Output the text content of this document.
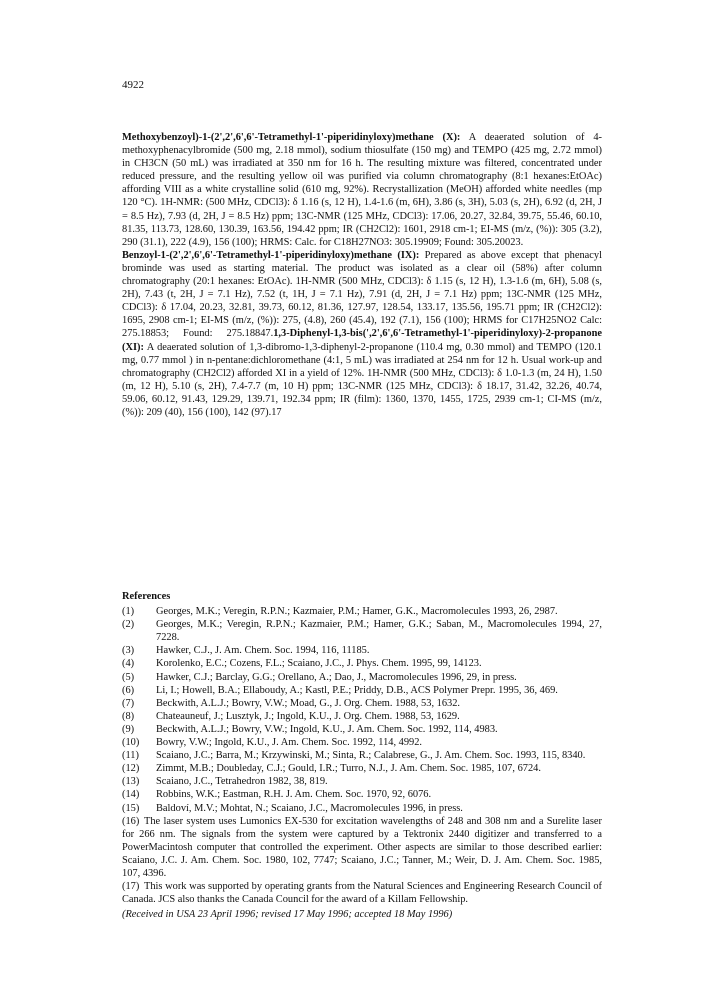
4922

Methoxybenzoyl)-1-(2',2',6',6'-Tetramethyl-1'-piperidinyloxy)methane (X): A deaerated solution of 4-methoxyphenacylbromide (500 mg, 2.18 mmol), sodium thiosulfate (150 mg) and TEMPO (425 mg, 2.72 mmol) in CH3CN (50 mL) was irradiated at 350 nm for 16 h. The resulting mixture was filtered, concentrated under reduced pressure, and the resulting yellow oil was purified via column chromatography (8:1 hexanes:EtOAc) affording VIII as a white crystalline solid (610 mg, 92%). Recrystallization (MeOH) afforded white needles (mp 120 °C). 1H-NMR: (500 MHz, CDCl3): δ 1.16 (s, 12 H), 1.4-1.6 (m, 6H), 3.86 (s, 3H), 5.03 (s, 2H), 6.92 (d, 2H, J = 8.5 Hz), 7.93 (d, 2H, J = 8.5 Hz) ppm; 13C-NMR (125 MHz, CDCl3): 17.06, 20.27, 32.84, 39.75, 55.46, 60.10, 81.35, 113.73, 128.60, 130.39, 163.56, 194.42 ppm; IR (CH2Cl2): 1601, 2918 cm-1; EI-MS (m/z, (%)): 305 (3.2), 290 (31.1), 222 (4.9), 156 (100); HRMS: Calc. for C18H27NO3: 305.19909; Found: 305.20023.

Benzoyl-1-(2',2',6',6'-Tetramethyl-1'-piperidinyloxy)methane (IX): Prepared as above except that phenacyl brominde was used as starting material. The product was isolated as a clear oil (58%) after column chromatography (20:1 hexanes: EtOAc). 1H-NMR (500 MHz, CDCl3): δ 1.15 (s, 12 H), 1.3-1.6 (m, 6H), 5.08 (s, 2H), 7.43 (t, 2H, J = 7.1 Hz), 7.52 (t, 1H, J = 7.1 Hz), 7.91 (d, 2H, J = 7.1 Hz) ppm; 13C-NMR (125 MHz, CDCl3): δ 17.04, 20.23, 32.81, 39.73, 60.12, 81.36, 127.97, 128.54, 133.17, 135.56, 195.71 ppm; IR (CH2Cl2): 1695, 2908 cm-1; EI-MS (m/z, (%)): 275, (4.8), 260 (45.4), 192 (7.1), 156 (100); HRMS for C17H25NO2 Calc: 275.18853; Found: 275.18847.1,3-Diphenyl-1,3-bis(',2',6',6'-Tetramethyl-1'-piperidinyloxy)-2-propanone (XI): A deaerated solution of 1,3-dibromo-1,3-diphenyl-2-propanone (110.4 mg, 0.30 mmol) and TEMPO (120.1 mg, 0.77 mmol ) in n-pentane:dichloromethane (4:1, 5 mL) was irradiated at 254 nm for 12 h. Usual work-up and chromatography (CH2Cl2) afforded XI in a yield of 12%. 1H-NMR (500 MHz, CDCl3): δ 1.0-1.3 (m, 24 H), 1.50 (m, 12 H), 5.10 (s, 2H), 7.4-7.7 (m, 10 H) ppm; 13C-NMR (125 MHz, CDCl3): δ 18.17, 31.42, 32.26, 40.74, 59.06, 60.12, 91.43, 129.29, 139.71, 192.34 ppm; IR (film): 1360, 1370, 1455, 1725, 2939 cm-1; CI-MS (m/z, (%)): 209 (40), 156 (100), 142 (97).17

References
(1)	Georges, M.K.; Veregin, R.P.N.; Kazmaier, P.M.; Hamer, G.K., Macromolecules 1993, 26, 2987.
(2)	Georges, M.K.; Veregin, R.P.N.; Kazmaier, P.M.; Hamer, G.K.; Saban, M., Macromolecules 1994, 27, 7228.
(3)	Hawker, C.J., J. Am. Chem. Soc. 1994, 116, 11185.
(4)	Korolenko, E.C.; Cozens, F.L.; Scaiano, J.C., J. Phys. Chem. 1995, 99, 14123.
(5)	Hawker, C.J.; Barclay, G.G.; Orellano, A.; Dao, J., Macromolecules 1996, 29, in press.
(6)	Li, I.; Howell, B.A.; Ellaboudy, A.; Kastl, P.E.; Priddy, D.B., ACS Polymer Prepr. 1995, 36, 469.
(7)	Beckwith, A.L.J.; Bowry, V.W.; Moad, G., J. Org. Chem. 1988, 53, 1632.
(8)	Chateauneuf, J.; Lusztyk, J.; Ingold, K.U., J. Org. Chem. 1988, 53, 1629.
(9)	Beckwith, A.L.J.; Bowry, V.W.; Ingold, K.U., J. Am. Chem. Soc. 1992, 114, 4983.
(10)	Bowry, V.W.; Ingold, K.U., J. Am. Chem. Soc. 1992, 114, 4992.
(11)	Scaiano, J.C.; Barra, M.; Krzywinski, M.; Sinta, R.; Calabrese, G., J. Am. Chem. Soc. 1993, 115, 8340.
(12)	Zimmt, M.B.; Doubleday, C.J.; Gould, I.R.; Turro, N.J., J. Am. Chem. Soc. 1985, 107, 6724.
(13)	Scaiano, J.C., Tetrahedron 1982, 38, 819.
(14)	Robbins, W.K.; Eastman, R.H. J. Am. Chem. Soc. 1970, 92, 6076.
(15)	Baldoví, M.V.; Mohtat, N.; Scaiano, J.C., Macromolecules 1996, in press.
(16) The laser system uses Lumonics EX-530 for excitation wavelengths of 248 and 308 nm and a Surelite laser for 266 nm. The signals from the system were captured by a Tektronix 2440 digitizer and transferred to a PowerMacintosh computer that controlled the experiment. Other aspects are similar to those described earlier: Scaiano, J.C. J. Am. Chem. Soc. 1980, 102, 7747; Scaiano, J.C.; Tanner, M.; Weir, D. J. Am. Chem. Soc. 1985, 107, 4396.
(17) This work was supported by operating grants from the Natural Sciences and Engineering Research Council of Canada. JCS also thanks the Canada Council for the award of a Killam Fellowship.
(Received in USA 23 April 1996; revised 17 May 1996; accepted 18 May 1996)
